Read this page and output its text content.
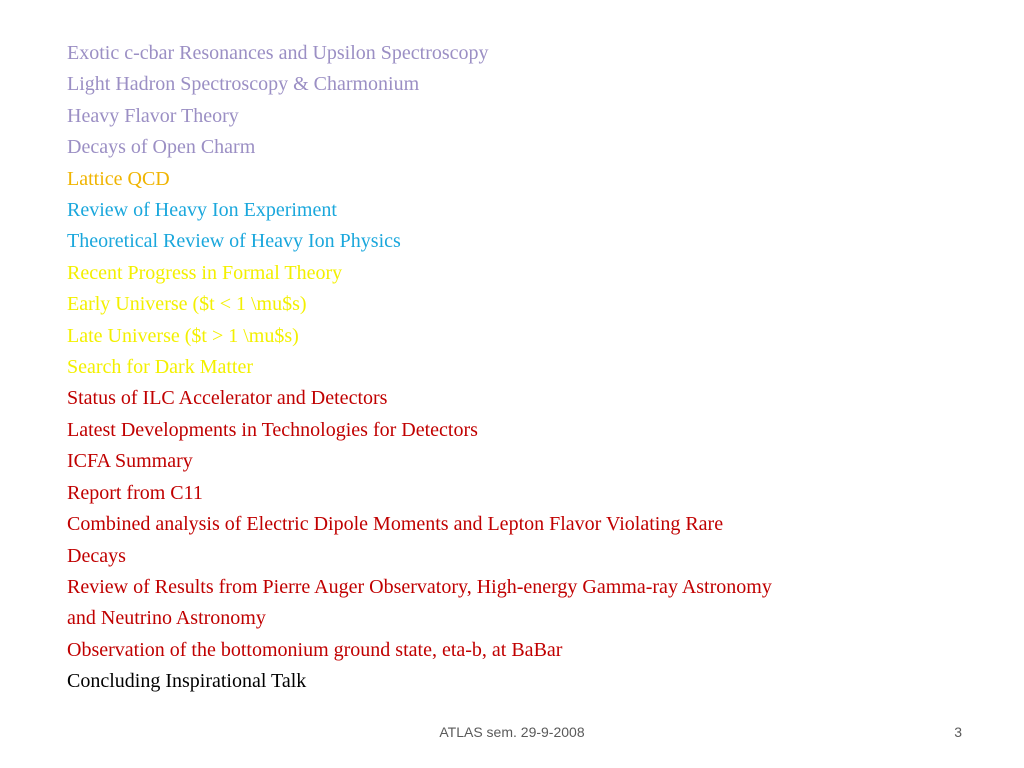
Exotic c-cbar Resonances and Upsilon Spectroscopy
Light Hadron Spectroscopy & Charmonium
Heavy Flavor Theory
Decays of Open Charm
Lattice QCD
Review of Heavy Ion Experiment
Theoretical Review of Heavy Ion Physics
Recent Progress in Formal Theory
Early Universe ($t < 1 \mu$s)
Late Universe ($t > 1 \mu$s)
Search for Dark Matter
Status of ILC Accelerator and Detectors
Latest Developments in Technologies for Detectors
ICFA Summary
Report from C11
Combined analysis of Electric Dipole Moments and Lepton Flavor Violating Rare
Decays
Review of Results from Pierre Auger Observatory, High-energy Gamma-ray Astronomy
and Neutrino Astronomy
Observation of the bottomonium ground state, eta-b, at BaBar
Concluding Inspirational Talk
ATLAS sem. 29-9-2008	3
